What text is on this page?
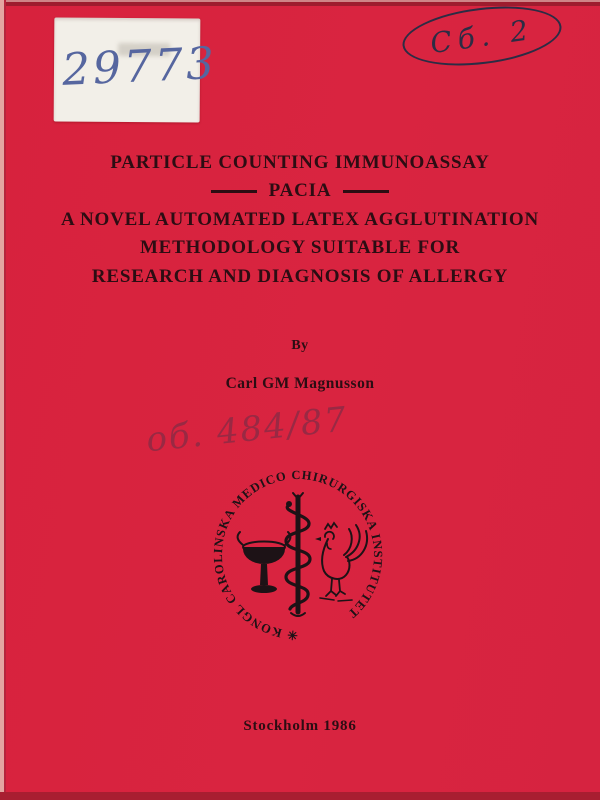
29773
Сб. 2
PARTICLE COUNTING IMMUNOASSAY
PACIA
A NOVEL AUTOMATED LATEX AGGLUTINATION
METHODOLOGY SUITABLE FOR
RESEARCH AND DIAGNOSIS OF ALLERGY
By
Carl GM Magnusson
об. 484/87
✳ KONGL CAROLINSKA MEDICO CHIRURGISKA INSTITUTET
Stockholm 1986
